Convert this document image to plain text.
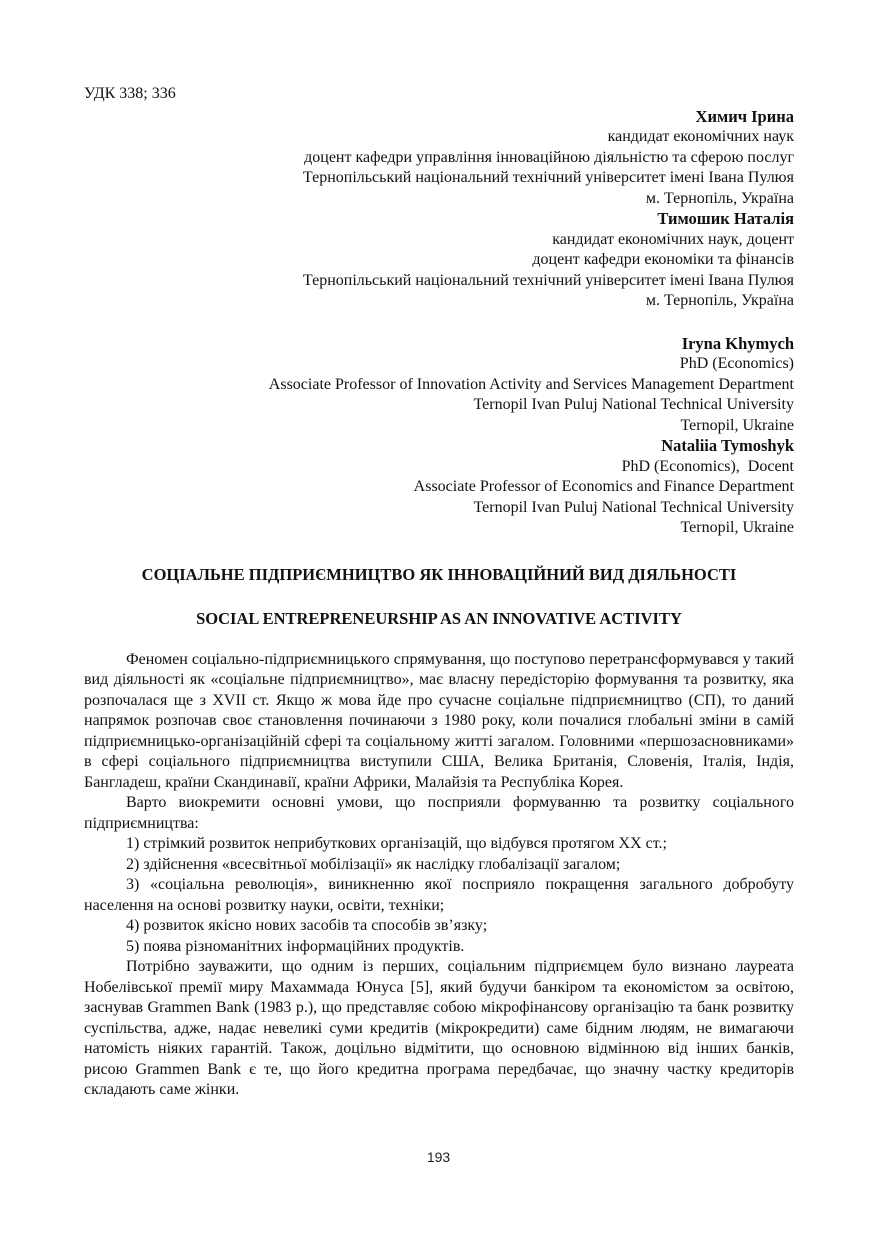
УДК 338; 336
Химич Ірина
кандидат економічних наук
доцент кафедри управління інноваційною діяльністю та сферою послуг
Тернопільський національний технічний університет імені Івана Пулюя
м. Тернопіль, Україна
Тимошик Наталія
кандидат економічних наук, доцент
доцент кафедри економіки та фінансів
Тернопільський національний технічний університет імені Івана Пулюя
м. Тернопіль, Україна
Iryna Khymych
PhD (Economics)
Associate Professor of Innovation Activity and Services Management Department
Ternopil Ivan Puluj National Technical University
Ternopil, Ukraine
Nataliia Tymoshyk
PhD (Economics),  Docent
Associate Professor of Economics and Finance Department
Ternopil Ivan Puluj National Technical University
Ternopil, Ukraine
СОЦІАЛЬНЕ ПІДПРИЄМНИЦТВО ЯК ІННОВАЦІЙНИЙ ВИД ДІЯЛЬНОСТІ
SOCIAL ENTREPRENEURSHIP AS AN INNOVATIVE ACTIVITY

Феномен соціально-підприємницького спрямування, що поступово перетрансформувався у такий вид діяльності як «соціальне підприємництво», має власну передісторію формування та розвитку, яка розпочалася ще з XVII ст. Якщо ж мова йде про сучасне соціальне підприємництво (СП), то даний напрямок розпочав своє становлення починаючи з 1980 року, коли почалися глобальні зміни в самій підприємницько-організаційній сфері та соціальному житті загалом. Головними «першозасновниками» в сфері соціального підприємництва виступили США, Велика Британія, Словенія, Італія, Індія, Бангладеш, країни Скандинавії, країни Африки, Малайзія та Республіка Корея.

Варто виокремити основні умови, що посприяли формуванню та розвитку соціального підприємництва:

1) стрімкий розвиток неприбуткових організацій, що відбувся протягом XX ст.;

2) здійснення «всесвітньої мобілізації» як наслідку глобалізації загалом;

3) «соціальна революція», виникненню якої посприяло покращення загального добробуту населення на основі розвитку науки, освіти, техніки;

4) розвиток якісно нових засобів та способів зв’язку;

5) поява різноманітних інформаційних продуктів.

Потрібно зауважити, що одним із перших, соціальним підприємцем було визнано лауреата Нобелівської премії миру Махаммада Юнуса [5], який будучи банкіром та економістом за освітою, заснував Grammen Bank (1983 р.), що представляє собою мікрофінансову організацію та банк розвитку суспільства, адже, надає невеликі суми кредитів (мікрокредити) саме бідним людям, не вимагаючи натомість ніяких гарантій. Також, доцільно відмітити, що основною відмінною від інших банків, рисою Grammen Bank є те, що його кредитна програма передбачає, що значну частку кредиторів складають саме жінки.

193
